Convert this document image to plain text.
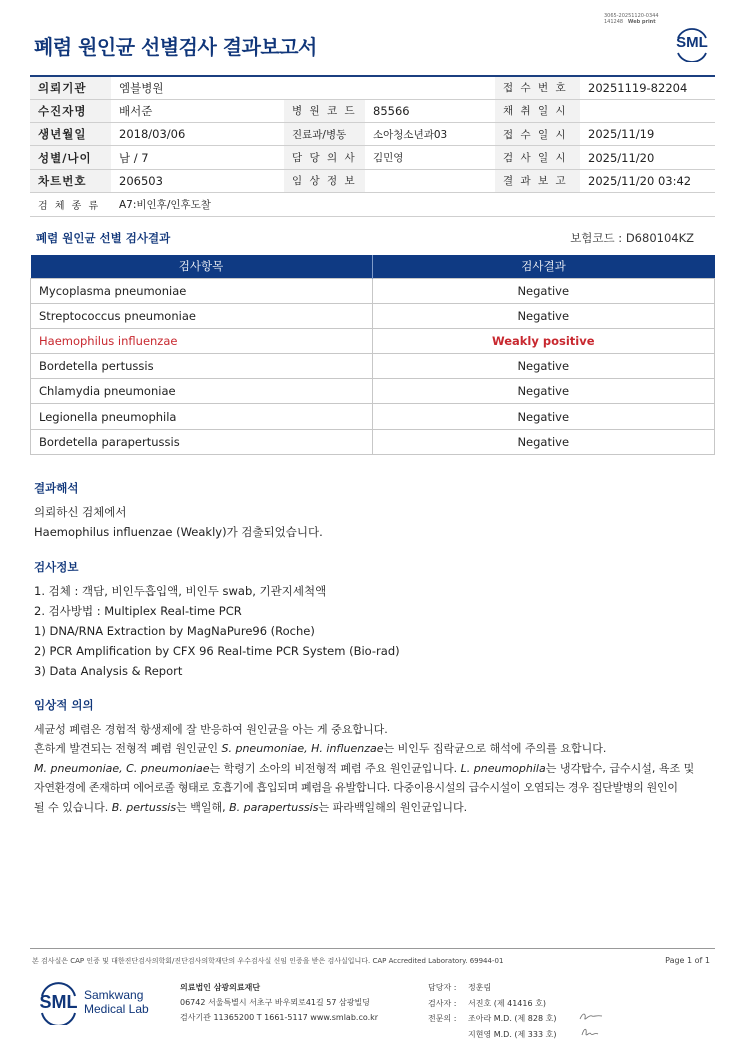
3065-20251120-0344
141248 Web print
폐렴 원인균 선별검사 결과보고서	SML
의뢰기관	엠블병원			접 수 번 호	20251119-82204
수진자명	배서준	병 원 코 드	85566	채 취 일 시	
생년월일	2018/03/06	진료과/병동	소아청소년과03	접 수 일 시	2025/11/19
성별/나이	남 / 7	담 당 의 사	김민영	검 사 일 시	2025/11/20
차트번호	206503	임 상 정 보		결 과 보 고	2025/11/20 03:42
검 체 종 류	A7:비인후/인후도찰				
폐렴 원인균 선별 검사결과	보험코드 : D680104KZ
검사항목	검사결과
Mycoplasma pneumoniae	Negative
Streptococcus pneumoniae	Negative
Haemophilus influenzae	Weakly positive
Bordetella pertussis	Negative
Chlamydia pneumoniae	Negative
Legionella pneumophila	Negative
Bordetella parapertussis	Negative
결과해석
의뢰하신 검체에서
Haemophilus influenzae (Weakly)가 검출되었습니다.
검사정보
1. 검체 : 객담, 비인두흡입액, 비인두 swab, 기관지세척액
2. 검사방법 : Multiplex Real-time PCR
1) DNA/RNA Extraction by MagNaPure96 (Roche)
2) PCR Amplification by CFX 96 Real-time PCR System (Bio-rad)
3) Data Analysis & Report
임상적 의의
세균성 폐렴은 경험적 항생제에 잘 반응하여 원인균을 아는 게 중요합니다.
흔하게 발견되는 전형적 폐렴 원인균인 S. pneumoniae, H. influenzae는 비인두 집락균으로 해석에 주의를 요합니다.
M. pneumoniae, C. pneumoniae는 학령기 소아의 비전형적 폐렴 주요 원인균입니다. L. pneumophila는 냉각탑수, 급수시설, 욕조 및
자연환경에 존재하며 에어로졸 형태로 호흡기에 흡입되며 폐렴을 유발합니다. 다중이용시설의 급수시설이 오염되는 경우 집단발병의 원인이
될 수 있습니다. B. pertussis는 백일해, B. parapertussis는 파라백일해의 원인균입니다.
본 검사실은 CAP 인증 및 대한진단검사의학회/진단검사의학재단의 우수검사실 신임 인증을 받은 검사실입니다. CAP Accredited Laboratory. 69944-01	Page 1 of 1
SML Samkwang
Medical Lab
의료법인 삼광의료재단
06742 서울특별시 서초구 바우뫼로41길 57 삼광빌딩
검사기관 11365200 T 1661-5117 www.smlab.co.kr
담당자 :	정훈림
검사자 :	서진호 (제 41416 호)
전문의 :	조아라 M.D. (제 828 호)
지현영 M.D. (제 333 호)
